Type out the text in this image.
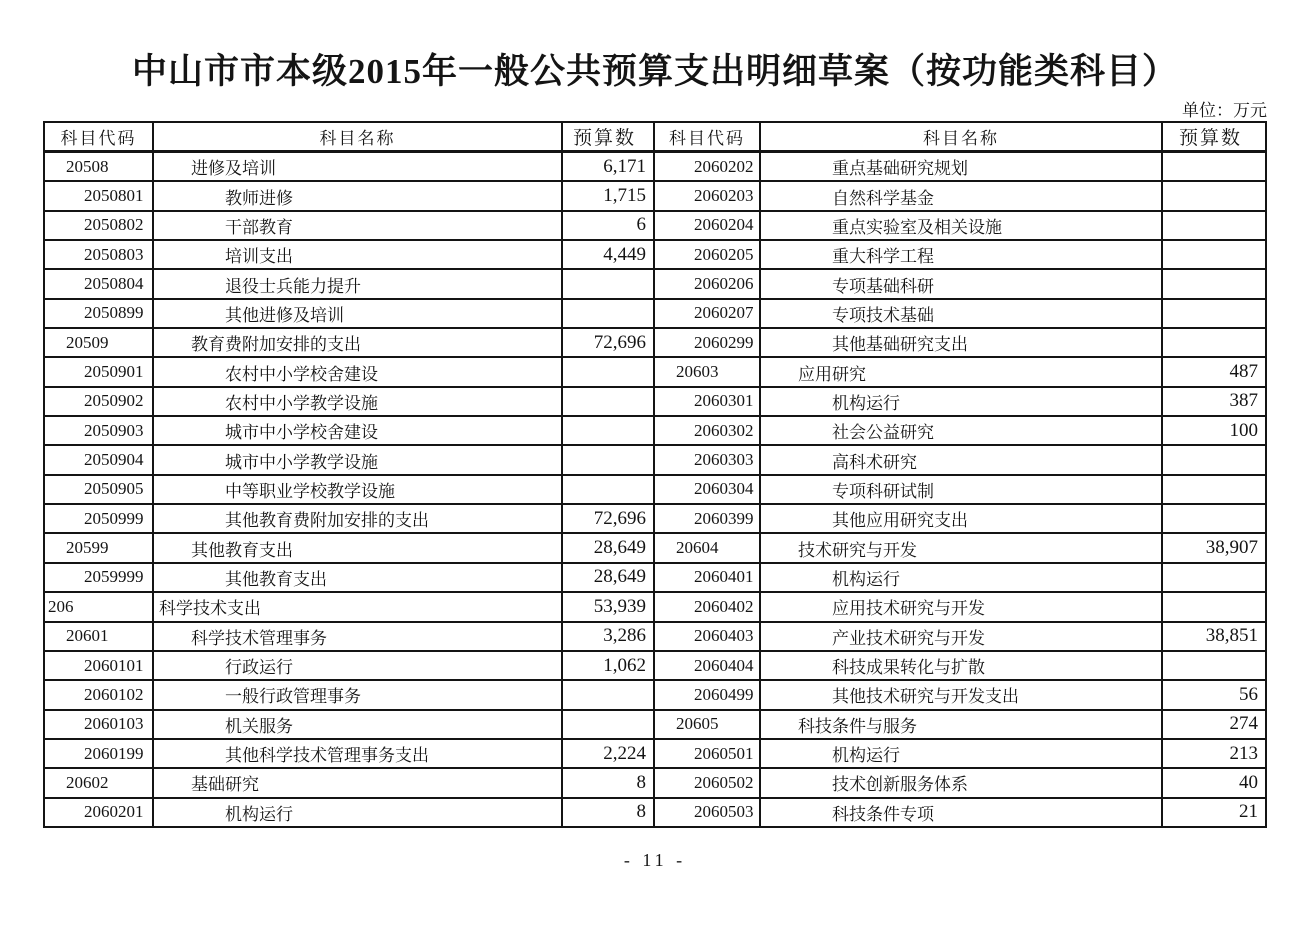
中山市市本级2015年一般公共预算支出明细草案（按功能类科目）
单位：万元
科目代码	科目名称	预算数
20508	进修及培训	6,171
2050801	教师进修	1,715
2050802	干部教育	6
2050803	培训支出	4,449
2050804	退役士兵能力提升
2050899	其他进修及培训
20509	教育费附加安排的支出	72,696
2050901	农村中小学校舍建设
2050902	农村中小学教学设施
2050903	城市中小学校舍建设
2050904	城市中小学教学设施
2050905	中等职业学校教学设施
2050999	其他教育费附加安排的支出	72,696
20599	其他教育支出	28,649
2059999	其他教育支出	28,649
206	科学技术支出	53,939
20601	科学技术管理事务	3,286
2060101	行政运行	1,062
2060102	一般行政管理事务
2060103	机关服务
2060199	其他科学技术管理事务支出	2,224
20602	基础研究	8
2060201	机构运行	8
科目代码	科目名称	预算数
2060202	重点基础研究规划
2060203	自然科学基金
2060204	重点实验室及相关设施
2060205	重大科学工程
2060206	专项基础科研
2060207	专项技术基础
2060299	其他基础研究支出
20603	应用研究	487
2060301	机构运行	387
2060302	社会公益研究	100
2060303	高科术研究
2060304	专项科研试制
2060399	其他应用研究支出
20604	技术研究与开发	38,907
2060401	机构运行
2060402	应用技术研究与开发
2060403	产业技术研究与开发	38,851
2060404	科技成果转化与扩散
2060499	其他技术研究与开发支出	56
20605	科技条件与服务	274
2060501	机构运行	213
2060502	技术创新服务体系	40
2060503	科技条件专项	21
- 11 -
